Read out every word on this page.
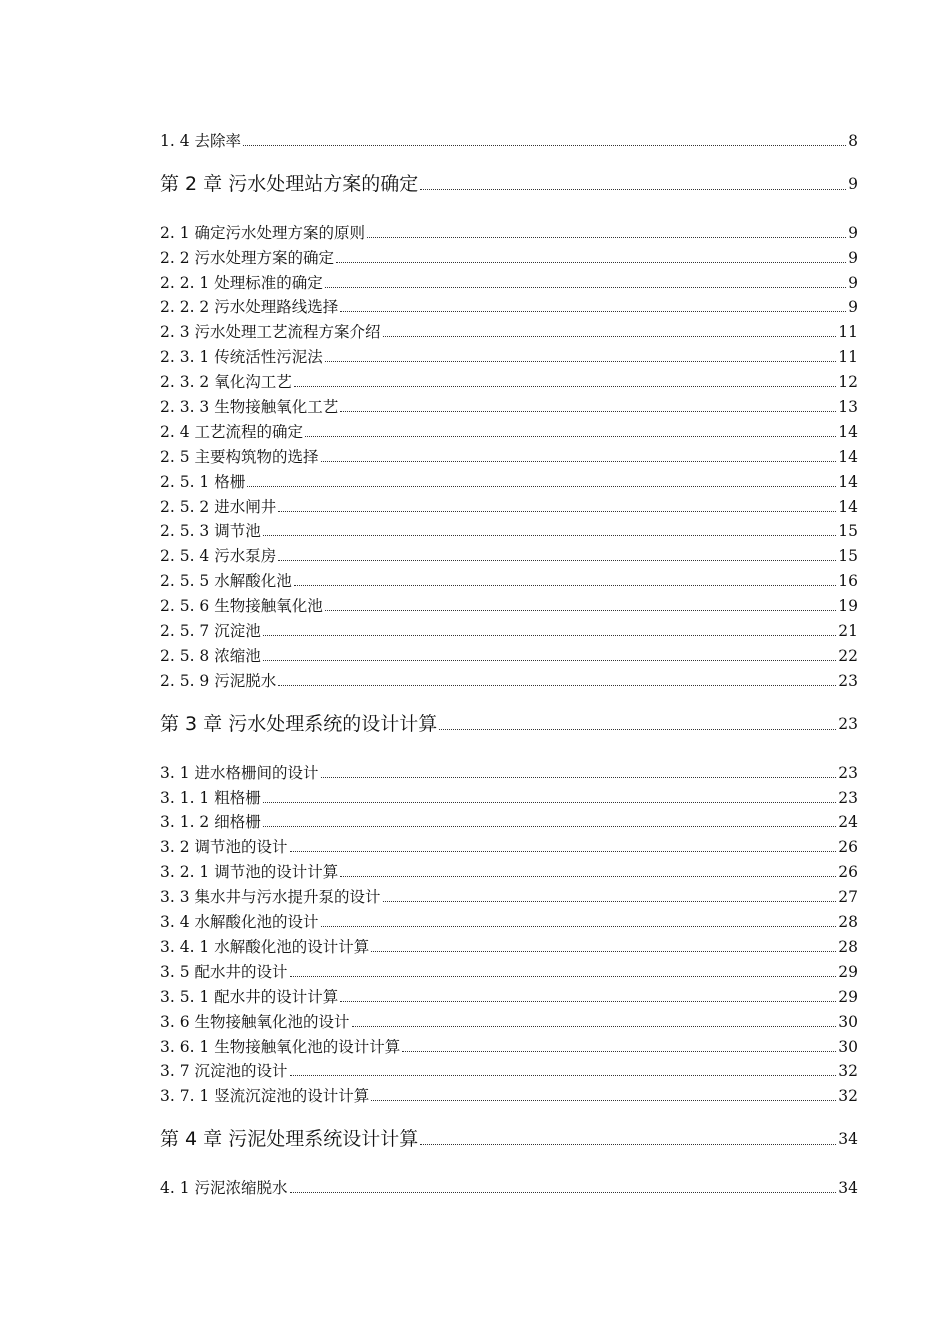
1. 4 去除率	8
第 2 章 污水处理站方案的确定	9
2. 1 确定污水处理方案的原则	9
2. 2 污水处理方案的确定	9
2. 2. 1 处理标准的确定	9
2. 2. 2 污水处理路线选择	9
2. 3 污水处理工艺流程方案介绍	11
2. 3. 1 传统活性污泥法	11
2. 3. 2 氧化沟工艺	12
2. 3. 3 生物接触氧化工艺	13
2. 4 工艺流程的确定	14
2. 5 主要构筑物的选择	14
2. 5. 1 格栅	14
2. 5. 2 进水闸井	14
2. 5. 3 调节池	15
2. 5. 4 污水泵房	15
2. 5. 5 水解酸化池	16
2. 5. 6 生物接触氧化池	19
2. 5. 7 沉淀池	21
2. 5. 8 浓缩池	22
2. 5. 9 污泥脱水	23
第 3 章 污水处理系统的设计计算	23
3. 1 进水格栅间的设计	23
3. 1. 1 粗格栅	23
3. 1. 2 细格栅	24
3. 2 调节池的设计	26
3. 2. 1 调节池的设计计算	26
3. 3 集水井与污水提升泵的设计	27
3. 4 水解酸化池的设计	28
3. 4. 1 水解酸化池的设计计算	28
3. 5 配水井的设计	29
3. 5. 1 配水井的设计计算	29
3. 6 生物接触氧化池的设计	30
3. 6. 1 生物接触氧化池的设计计算	30
3. 7 沉淀池的设计	32
3. 7. 1 竖流沉淀池的设计计算	32
第 4 章 污泥处理系统设计计算	34
4. 1 污泥浓缩脱水	34
